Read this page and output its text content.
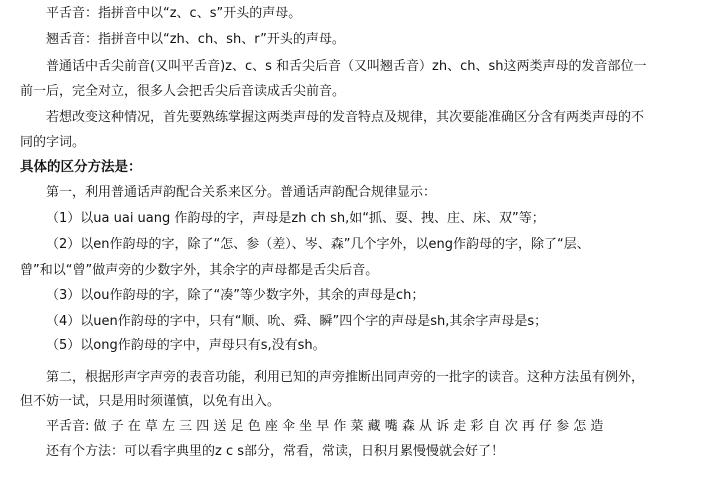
平舌音：指拼音中以“z、c、s”开头的声母。
翘舌音：指拼音中以“zh、ch、sh、r”开头的声母。
普通话中舌尖前音(又叫平舌音)z、c、s 和舌尖后音（又叫翘舌音）zh、ch、sh这两类声母的发音部位一
前一后，完全对立，很多人会把舌尖后音读成舌尖前音。
若想改变这种情况，首先要熟练掌握这两类声母的发音特点及规律，其次要能准确区分含有两类声母的不
同的字词。
具体的区分方法是：
第一，利用普通话声韵配合关系来区分。普通话声韵配合规律显示：
（1）以ua uai uang 作韵母的字，声母是zh ch sh,如“抓、耍、拽、庄、床、双”等；
（2）以en作韵母的字，除了“怎、参（差）、岑、森”几个字外，以eng作韵母的字，除了“层、
曾”和以“曾”做声旁的少数字外，其余字的声母都是舌尖后音。
（3）以ou作韵母的字，除了“凑”等少数字外，其余的声母是ch；
（4）以uen作韵母的字中，只有“顺、吮、舜、瞬”四个字的声母是sh,其余字声母是s；
（5）以ong作韵母的字中，声母只有s,没有sh。
第二，根据形声字声旁的表音功能，利用已知的声旁推断出同声旁的一批字的读音。这种方法虽有例外，
但不妨一试，只是用时须谨慎，以免有出入。
平舌音: 做 子 在 草 左 三 四 送 足 色 座 伞 坐 早 作 菜 藏 嘴 森 从 诉 走 彩 自 次 再 仔 参 怎 造
还有个方法：可以看字典里的z c s部分，常看，常读，日积月累慢慢就会好了！
